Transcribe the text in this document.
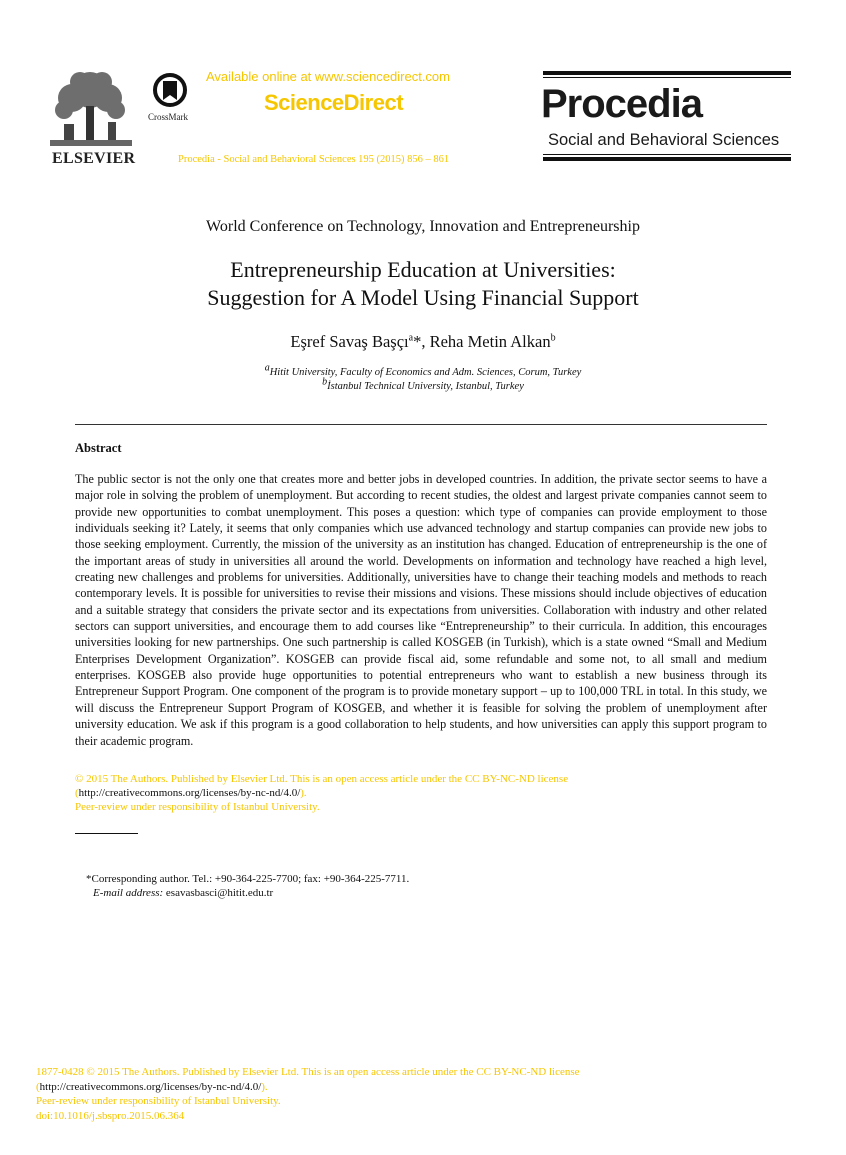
ELSEVIER
CrossMark
Available online at www.sciencedirect.com
ScienceDirect
Procedia - Social and Behavioral Sciences 195 (2015) 856 – 861
Procedia
Social and Behavioral Sciences
World Conference on Technology, Innovation and Entrepreneurship
Entrepreneurship Education at Universities:
Suggestion for A Model Using Financial Support
Eşref Savaş Başçı$^a$*, Reha Metin Alkan$^b$
$^a$Hitit University, Faculty of Economics and Adm. Sciences, Corum, Turkey
$^b$İstanbul Technical University, Istanbul, Turkey
Abstract
The public sector is not the only one that creates more and better jobs in developed countries. In addition, the private sector seems to have a major role in solving the problem of unemployment. But according to recent studies, the oldest and largest private companies cannot seem to provide new opportunities to combat unemployment. This poses a question: which type of companies can provide employment to those individuals seeking it? Lately, it seems that only companies which use advanced technology and startup companies can provide new jobs to those seeking employment. Currently, the mission of the university as an institution has changed. Education of entrepreneurship is the one of the important areas of study in universities all around the world. Developments on information and technology have reached a high level, creating new challenges and problems for universities. Additionally, universities have to change their teaching models and methods to reach contemporary levels. It is possible for universities to revise their missions and visions. These missions should include objectives of education and a suitable strategy that considers the private sector and its expectations from universities. Collaboration with industry and other related sectors can support universities, and encourage them to add courses like “Entrepreneurship” to their curricula. In addition, this encourages universities looking for new partnerships. One such partnership is called KOSGEB (in Turkish), which is a state owned “Small and Medium Enterprises Development Organization”. KOSGEB can provide fiscal aid, some refundable and some not, to all small and medium enterprises. KOSGEB also provide huge opportunities to potential entrepreneurs who want to establish a new business through its Entrepreneur Support Program. One component of the program is to provide monetary support – up to 100,000 TRL in total. In this study, we will discuss the Entrepreneur Support Program of KOSGEB, and whether it is feasible for solving the problem of unemployment after university education. We ask if this program is a good collaboration to help students, and how universities can apply this support program to their academic program.
© 2015 The Authors. Published by Elsevier Ltd. This is an open access article under the CC BY-NC-ND license
(http://creativecommons.org/licenses/by-nc-nd/4.0/).
Peer-review under responsibility of Istanbul University.
*Corresponding author. Tel.: +90-364-225-7700; fax: +90-364-225-7711.
E-mail address: esavasbasci@hitit.edu.tr
1877-0428 © 2015 The Authors. Published by Elsevier Ltd. This is an open access article under the CC BY-NC-ND license
(http://creativecommons.org/licenses/by-nc-nd/4.0/).
Peer-review under responsibility of Istanbul University.
doi:10.1016/j.sbspro.2015.06.364
